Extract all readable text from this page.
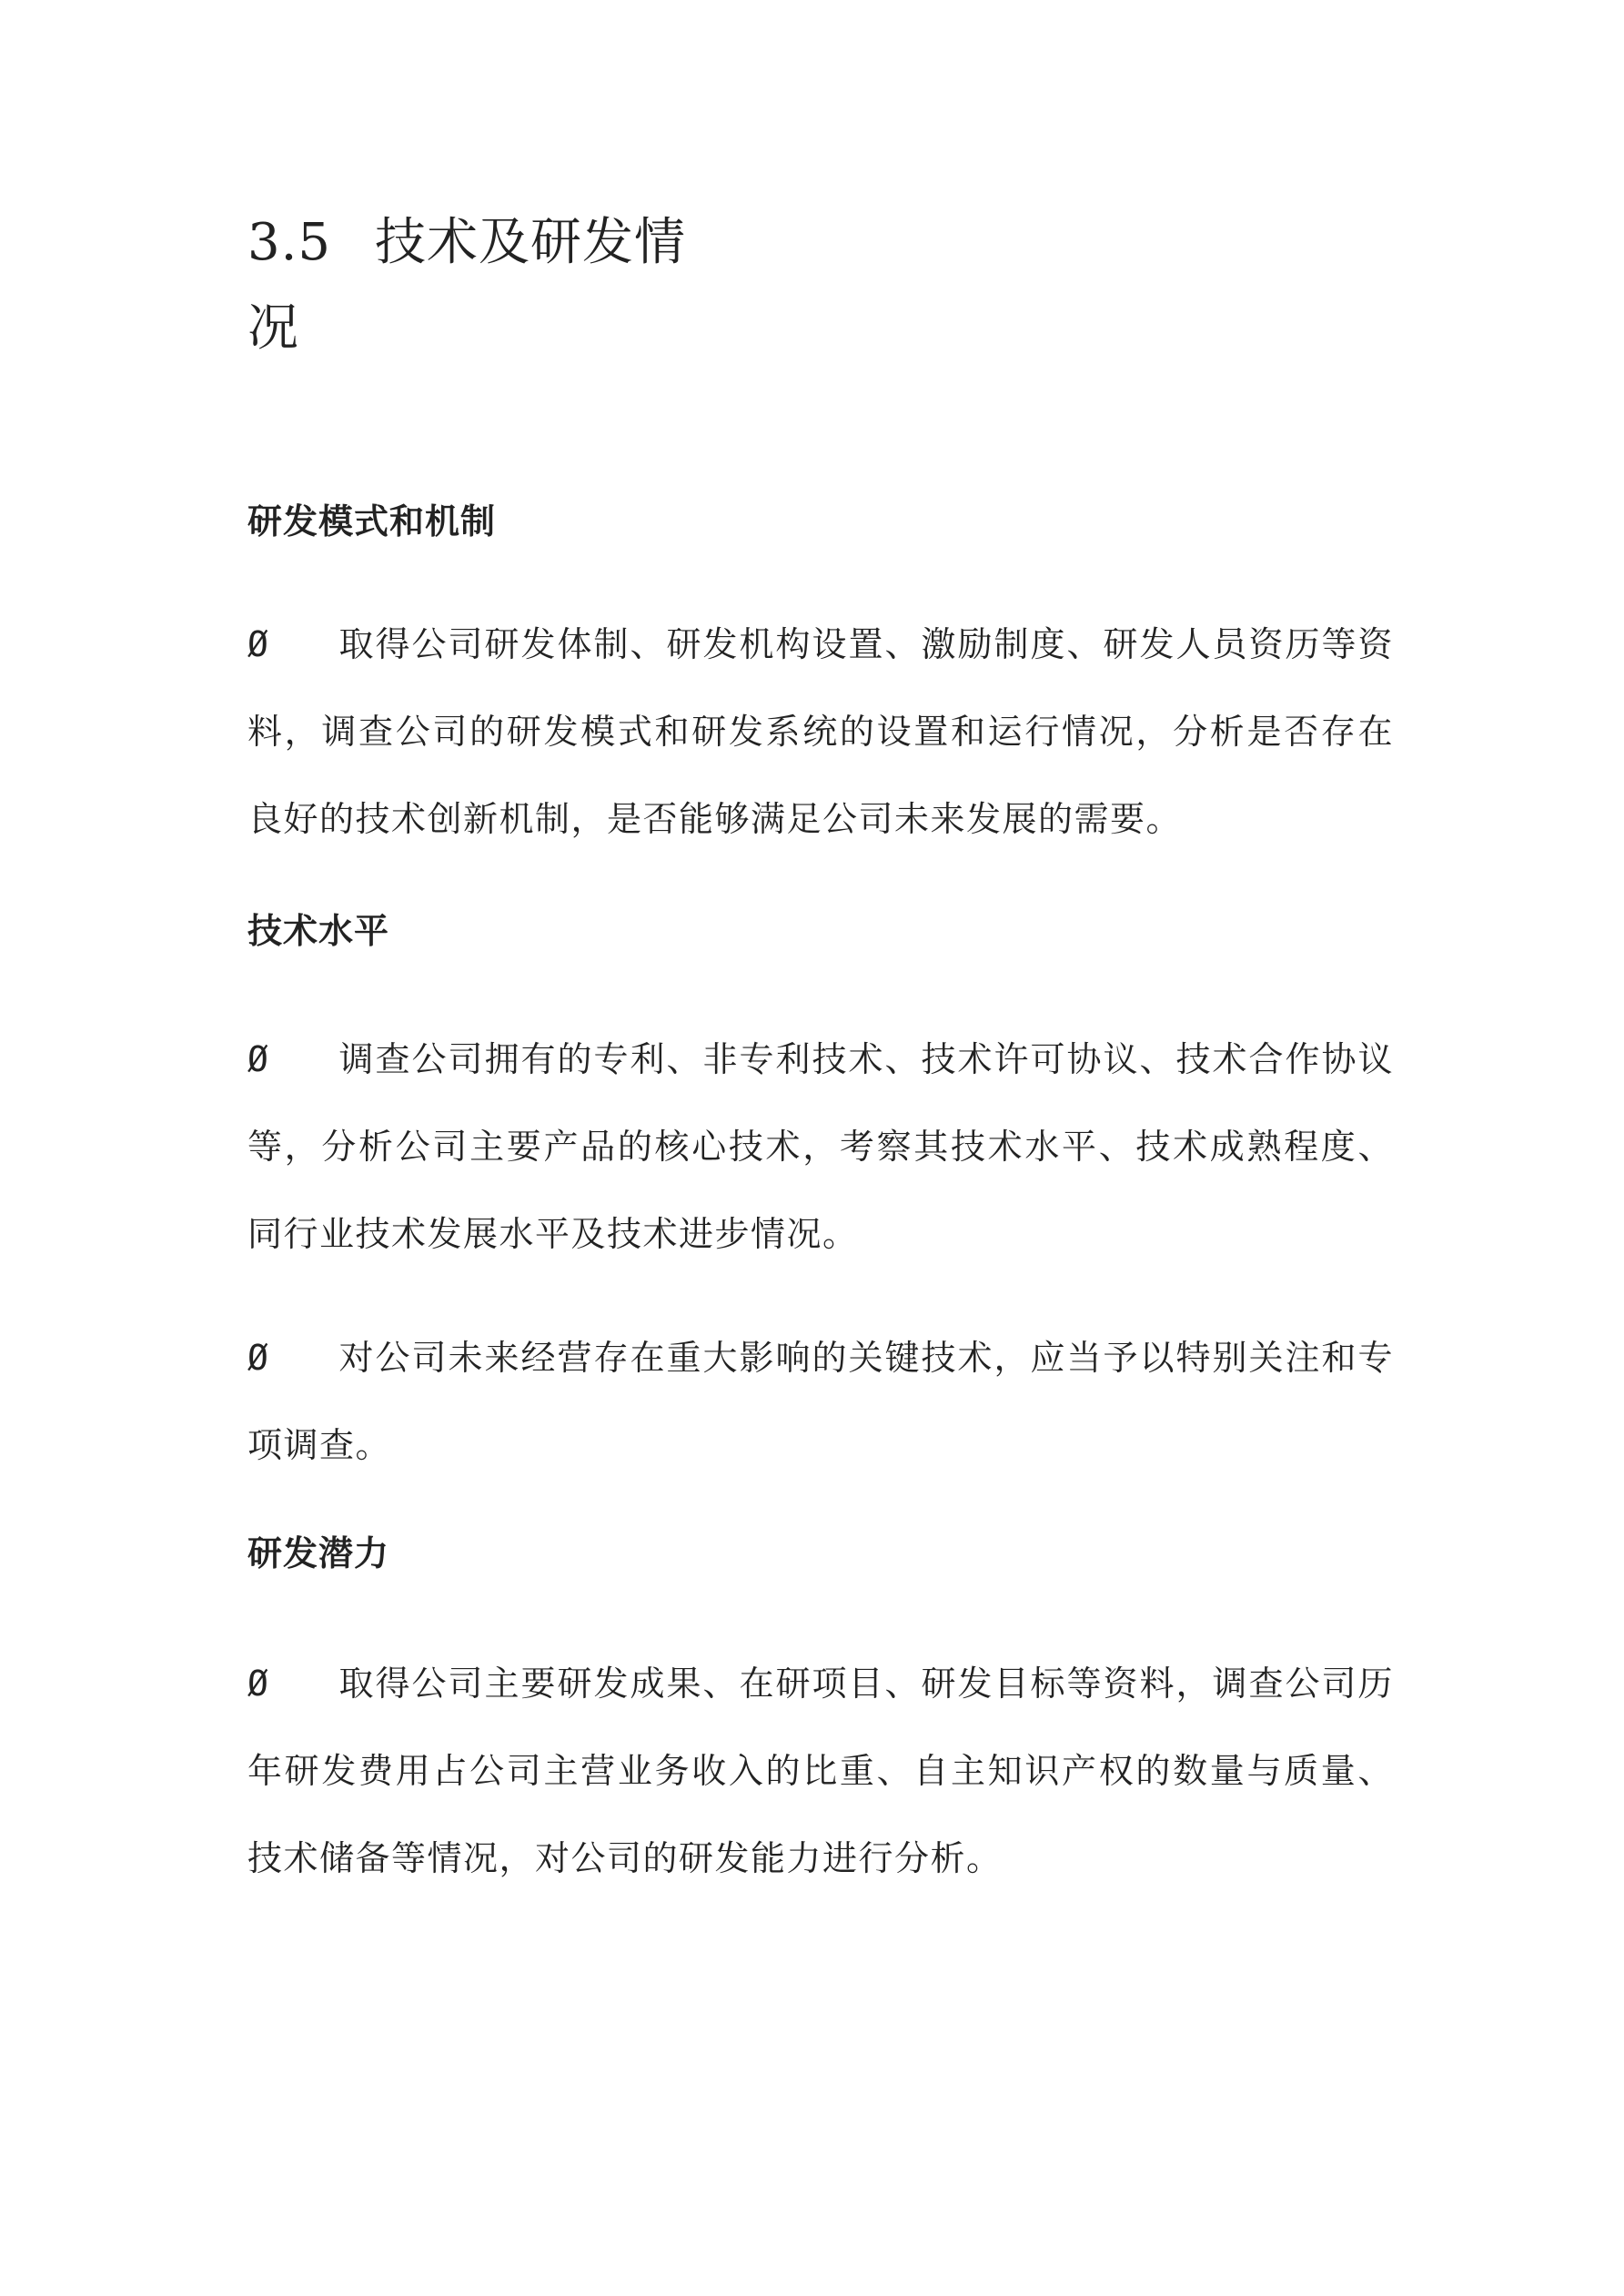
3.5 技术及研发情况
研发模式和机制

Ø 取得公司研发体制、研发机构设置、激励制度、研发人员资历等资料，调查公司的研发模式和研发系统的设置和运行情况，分析是否存在良好的技术创新机制，是否能够满足公司未来发展的需要。

技术水平

Ø 调查公司拥有的专利、非专利技术、技术许可协议、技术合作协议等，分析公司主要产品的核心技术，考察其技术水平、技术成熟程度、同行业技术发展水平及技术进步情况。

Ø 对公司未来经营存在重大影响的关键技术，应当予以特别关注和专项调查。

研发潜力

Ø 取得公司主要研发成果、在研项目、研发目标等资料，调查公司历年研发费用占公司主营业务收入的比重、自主知识产权的数量与质量、技术储备等情况，对公司的研发能力进行分析。
